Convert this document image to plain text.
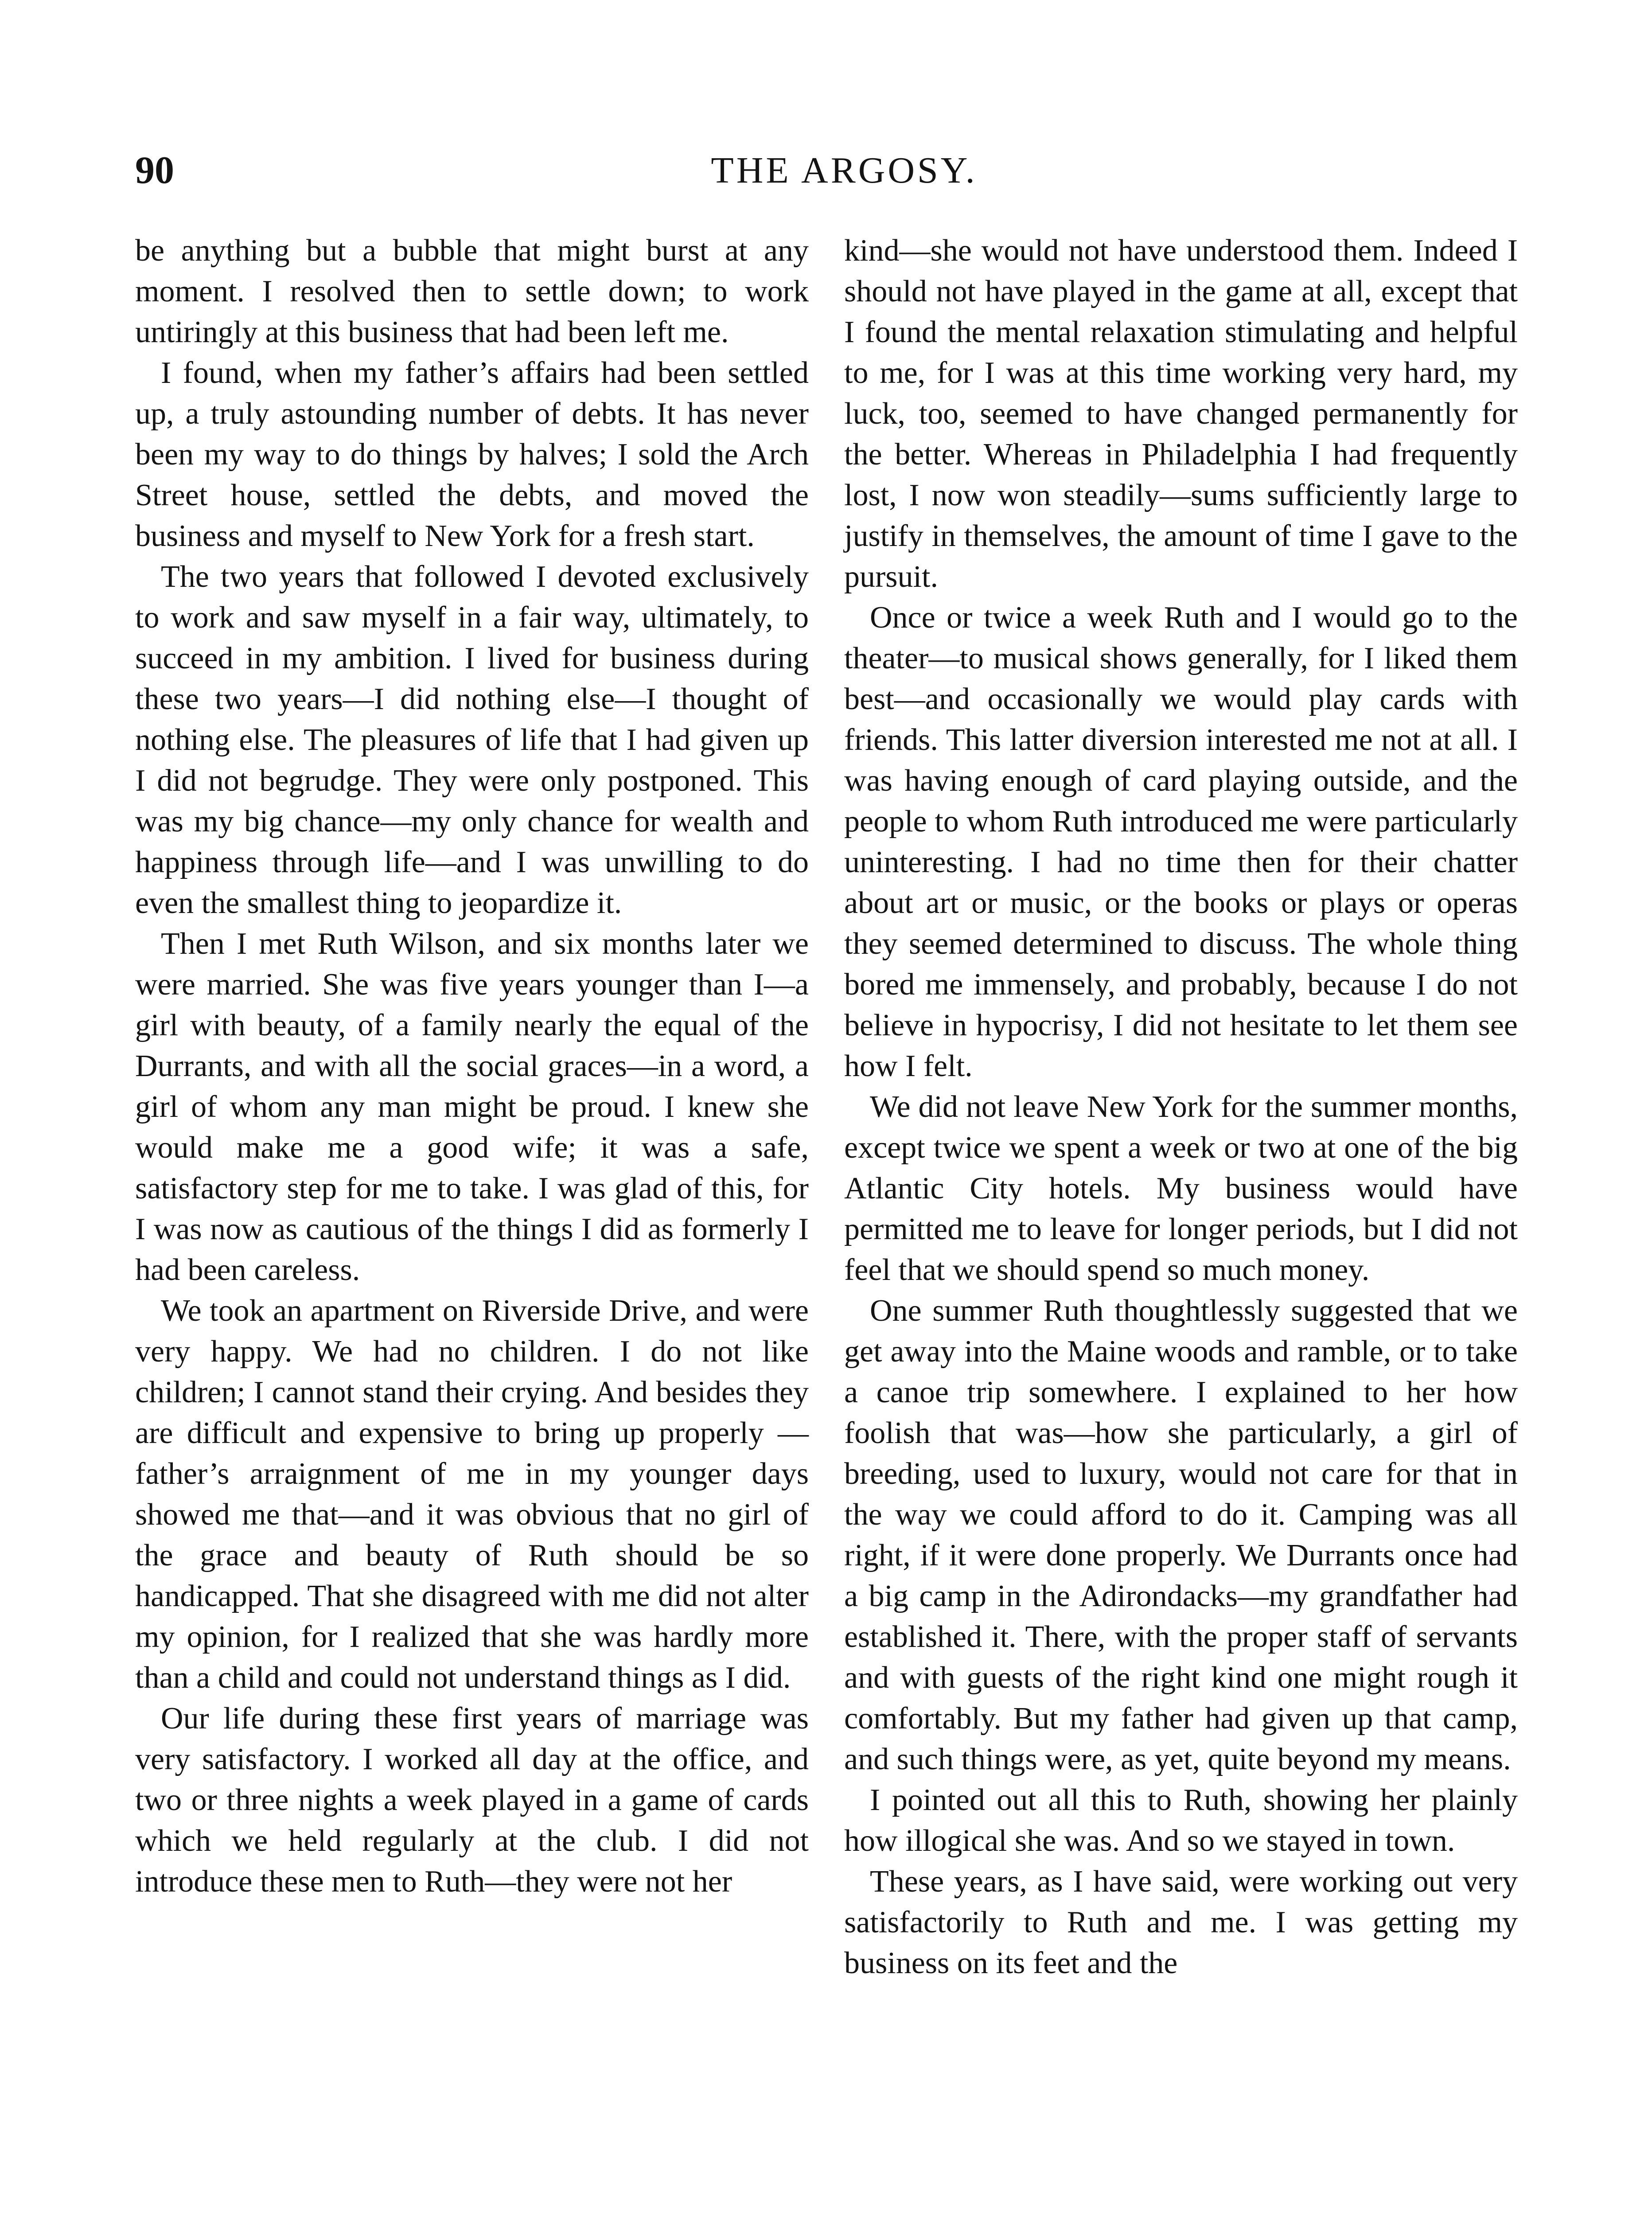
90	THE ARGOSY.

be anything but a bubble that might burst at any moment. I resolved then to settle down; to work untiringly at this business that had been left me.

I found, when my father’s affairs had been settled up, a truly astounding number of debts. It has never been my way to do things by halves; I sold the Arch Street house, settled the debts, and moved the business and myself to New York for a fresh start.

The two years that followed I devoted exclusively to work and saw myself in a fair way, ultimately, to succeed in my ambition. I lived for business during these two years—I did nothing else—I thought of nothing else. The pleasures of life that I had given up I did not begrudge. They were only postponed. This was my big chance—my only chance for wealth and happiness through life—and I was unwilling to do even the smallest thing to jeopardize it.

Then I met Ruth Wilson, and six months later we were married. She was five years younger than I—a girl with beauty, of a family nearly the equal of the Durrants, and with all the social graces—in a word, a girl of whom any man might be proud. I knew she would make me a good wife; it was a safe, satisfactory step for me to take. I was glad of this, for I was now as cautious of the things I did as formerly I had been careless.

We took an apartment on Riverside Drive, and were very happy. We had no children. I do not like children; I cannot stand their crying. And besides they are difficult and expensive to bring up properly —father’s arraignment of me in my younger days showed me that—and it was obvious that no girl of the grace and beauty of Ruth should be so handicapped. That she disagreed with me did not alter my opinion, for I realized that she was hardly more than a child and could not understand things as I did.

Our life during these first years of marriage was very satisfactory. I worked all day at the office, and two or three nights a week played in a game of cards which we held regularly at the club. I did not introduce these men to Ruth—they were not her

kind—she would not have understood them. Indeed I should not have played in the game at all, except that I found the mental relaxation stimulating and helpful to me, for I was at this time working very hard, my luck, too, seemed to have changed permanently for the better. Whereas in Philadelphia I had frequently lost, I now won steadily—sums sufficiently large to justify in themselves, the amount of time I gave to the pursuit.

Once or twice a week Ruth and I would go to the theater—to musical shows generally, for I liked them best—and occasionally we would play cards with friends. This latter diversion interested me not at all. I was having enough of card playing outside, and the people to whom Ruth introduced me were particularly uninteresting. I had no time then for their chatter about art or music, or the books or plays or operas they seemed determined to discuss. The whole thing bored me immensely, and probably, because I do not believe in hypocrisy, I did not hesitate to let them see how I felt.

We did not leave New York for the summer months, except twice we spent a week or two at one of the big Atlantic City hotels. My business would have permitted me to leave for longer periods, but I did not feel that we should spend so much money.

One summer Ruth thoughtlessly suggested that we get away into the Maine woods and ramble, or to take a canoe trip somewhere. I explained to her how foolish that was—how she particularly, a girl of breeding, used to luxury, would not care for that in the way we could afford to do it. Camping was all right, if it were done properly. We Durrants once had a big camp in the Adirondacks—my grandfather had established it. There, with the proper staff of servants and with guests of the right kind one might rough it comfortably. But my father had given up that camp, and such things were, as yet, quite beyond my means.

I pointed out all this to Ruth, showing her plainly how illogical she was. And so we stayed in town.

These years, as I have said, were working out very satisfactorily to Ruth and me. I was getting my business on its feet and the
